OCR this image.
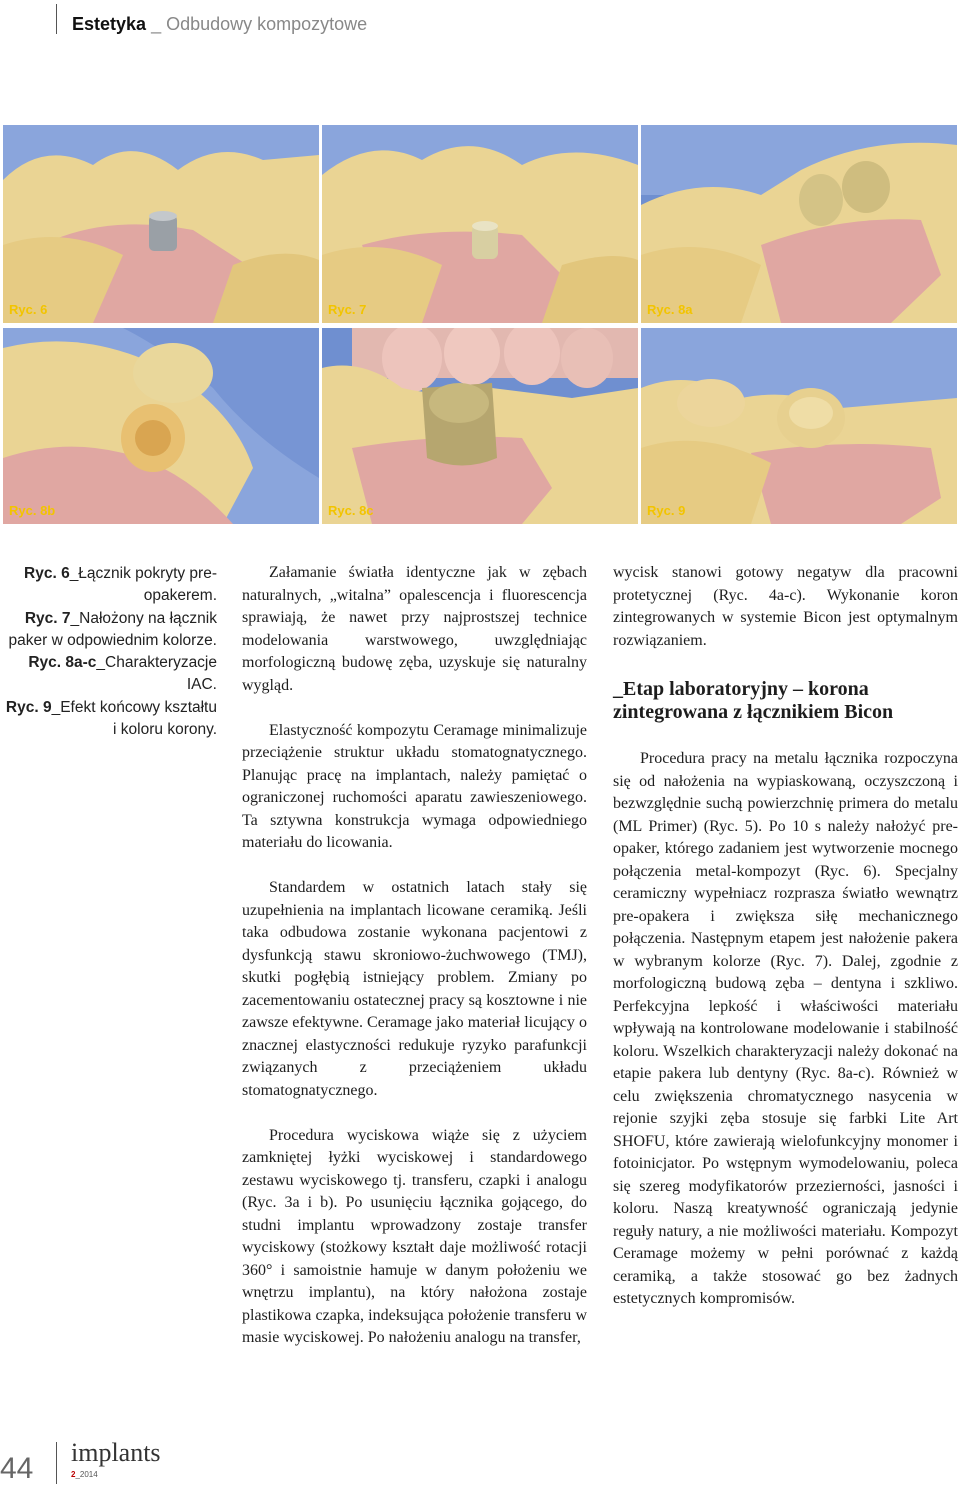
Estetyka _ Odbudowy kompozytowe
Ryc. 6	Ryc. 7	Ryc. 8a
Ryc. 8b	Ryc. 8c	Ryc. 9

Ryc. 6_Łącznik pokryty pre-opakerem.

Ryc. 7_Nałożony na łącznik paker w odpowiednim kolorze.

Ryc. 8a-c_Charakteryzacje IAC.

Ryc. 9_Efekt końcowy kształtu i koloru korony.

Załamanie światła identyczne jak w zębach naturalnych, „witalna” opalescencja i fluorescencja sprawiają, że nawet przy najprostszej technice modelowania warstwowego, uwzględniając morfologiczną budowę zęba, uzyskuje się naturalny wygląd.

Elastyczność kompozytu Ceramage minimalizuje przeciążenie struktur układu stomatognatycznego. Planując pracę na implantach, należy pamiętać o ograniczonej ruchomości aparatu zawieszeniowego. Ta sztywna konstrukcja wymaga odpowiedniego materiału do licowania.

Standardem w ostatnich latach stały się uzupełnienia na implantach licowane ceramiką. Jeśli taka odbudowa zostanie wykonana pacjentowi z dysfunkcją stawu skroniowo-żuchwowego (TMJ), skutki pogłębią istniejący problem. Zmiany po zacementowaniu ostatecznej pracy są kosztowne i nie zawsze efektywne. Ceramage jako materiał licujący o znacznej elastyczności redukuje ryzyko parafunkcji związanych z przeciążeniem układu stomatognatycznego.

Procedura wyciskowa wiąże się z użyciem zamkniętej łyżki wyciskowej i standardowego zestawu wyciskowego tj. transferu, czapki i analogu (Ryc. 3a i b). Po usunięciu łącznika gojącego, do studni implantu wprowadzony zostaje transfer wyciskowy (stożkowy kształt daje możliwość rotacji 360° i samoistnie hamuje w danym położeniu we wnętrzu implantu), na który nałożona zostaje plastikowa czapka, indeksująca położenie transferu w masie wyciskowej. Po nałożeniu analogu na transfer,

wycisk stanowi gotowy negatyw dla pracowni protetycznej (Ryc. 4a-c). Wykonanie koron zintegrowanych w systemie Bicon jest optymalnym rozwiązaniem.

_Etap laboratoryjny – korona zintegrowana z łącznikiem Bicon

Procedura pracy na metalu łącznika rozpoczyna się od nałożenia na wypiaskowaną, oczyszczoną i bezwzględnie suchą powierzchnię primera do metalu (ML Primer) (Ryc. 5). Po 10 s należy nałożyć pre-opaker, którego zadaniem jest wytworzenie mocnego połączenia metal-kompozyt (Ryc. 6). Specjalny ceramiczny wypełniacz rozprasza światło wewnątrz pre-opakera i zwiększa siłę mechanicznego połączenia. Następnym etapem jest nałożenie pakera w wybranym kolorze (Ryc. 7). Dalej, zgodnie z morfologiczną budową zęba – dentyna i szkliwo. Perfekcyjna lepkość i właściwości materiału wpływają na kontrolowane modelowanie i stabilność koloru. Wszelkich charakteryzacji należy dokonać na etapie pakera lub dentyny (Ryc. 8a-c). Również w celu zwiększenia chromatycznego nasycenia w rejonie szyjki zęba stosuje się farbki Lite Art SHOFU, które zawierają wielofunkcyjny monomer i fotoinicjator. Po wstępnym wymodelowaniu, poleca się szereg modyfikatorów przezierności, jasności i koloru. Naszą kreatywność ograniczają jedynie reguły natury, a nie możliwości materiału. Kompozyt Ceramage możemy w pełni porównać z każdą ceramiką, a także stosować go bez żadnych estetycznych kompromisów.

44 implants
2_2014
